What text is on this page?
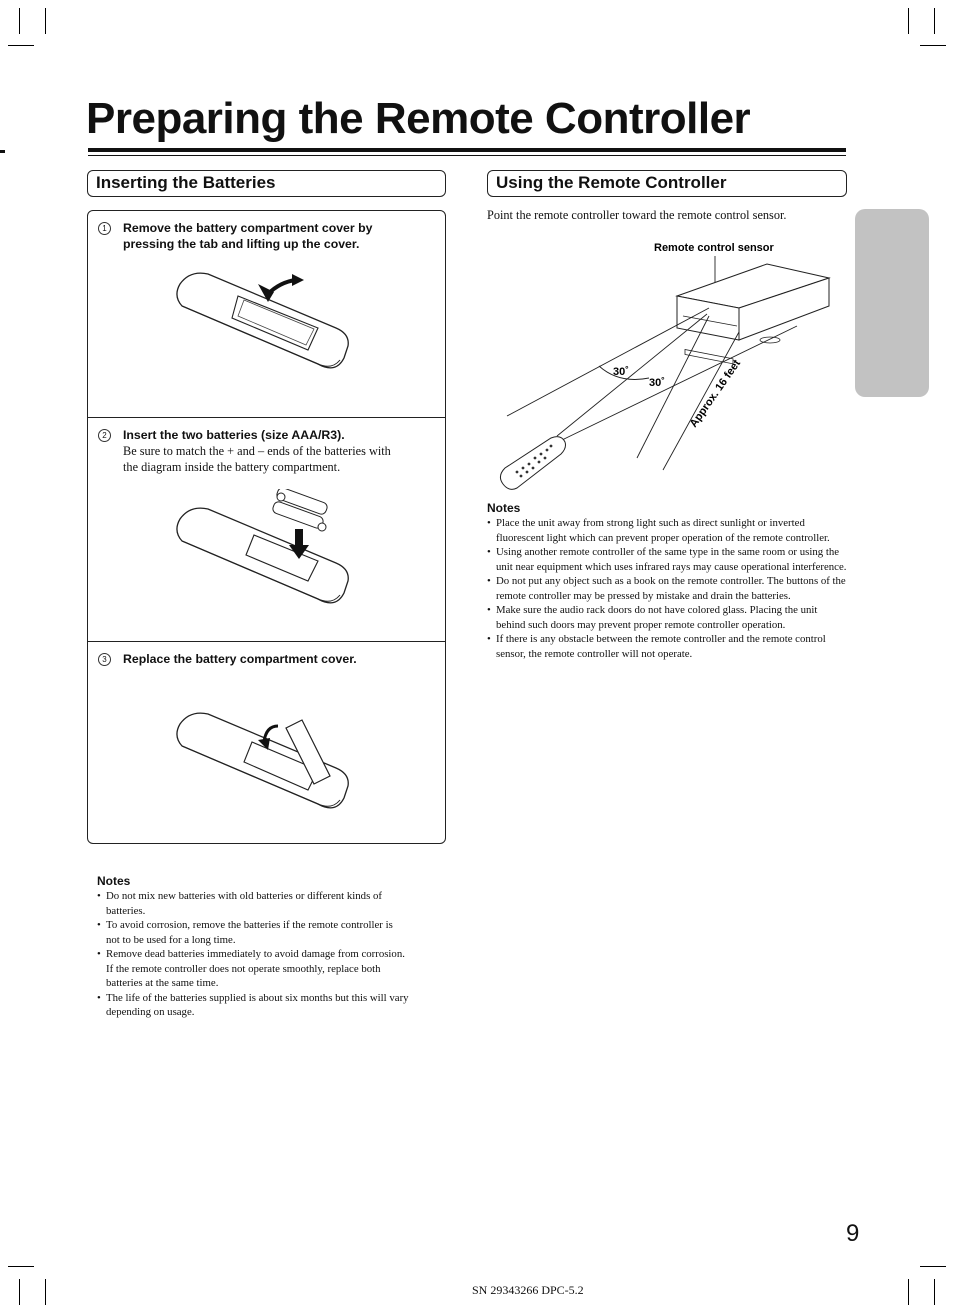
Preparing the Remote Controller
Inserting the Batteries
1	Remove the battery compartment cover by pressing the tab and lifting up the cover.
2	Insert the two batteries (size AAA/R3).
Be sure to match the + and – ends of the batteries with the diagram inside the battery compartment.
3	Replace the battery compartment cover.
Notes
• Do not mix new batteries with old batteries or different kinds of batteries.
• To avoid corrosion, remove the batteries if the remote controller is not to be used for a long time.
• Remove dead batteries immediately to avoid damage from corrosion. If the remote controller does not operate smoothly, replace both batteries at the same time.
• The life of the batteries supplied is about six months but this will vary depending on usage.
Using the Remote Controller
Point the remote controller toward the remote control sensor.
Remote control sensor
30˚
30˚ Approx. 16 feet
Notes
• Place the unit away from strong light such as direct sunlight or inverted fluorescent light which can prevent proper operation of the remote controller.
• Using another remote controller of the same type in the same room or using the unit near equipment which uses infrared rays may cause operational interference.
• Do not put any object such as a book on the remote controller. The buttons of the remote controller may be pressed by mistake and drain the batteries.
• Make sure the audio rack doors do not have colored glass. Placing the unit behind such doors may prevent proper remote controller operation.
• If there is any obstacle between the remote controller and the remote control sensor, the remote controller will not operate.
9
SN 29343266 DPC-5.2
